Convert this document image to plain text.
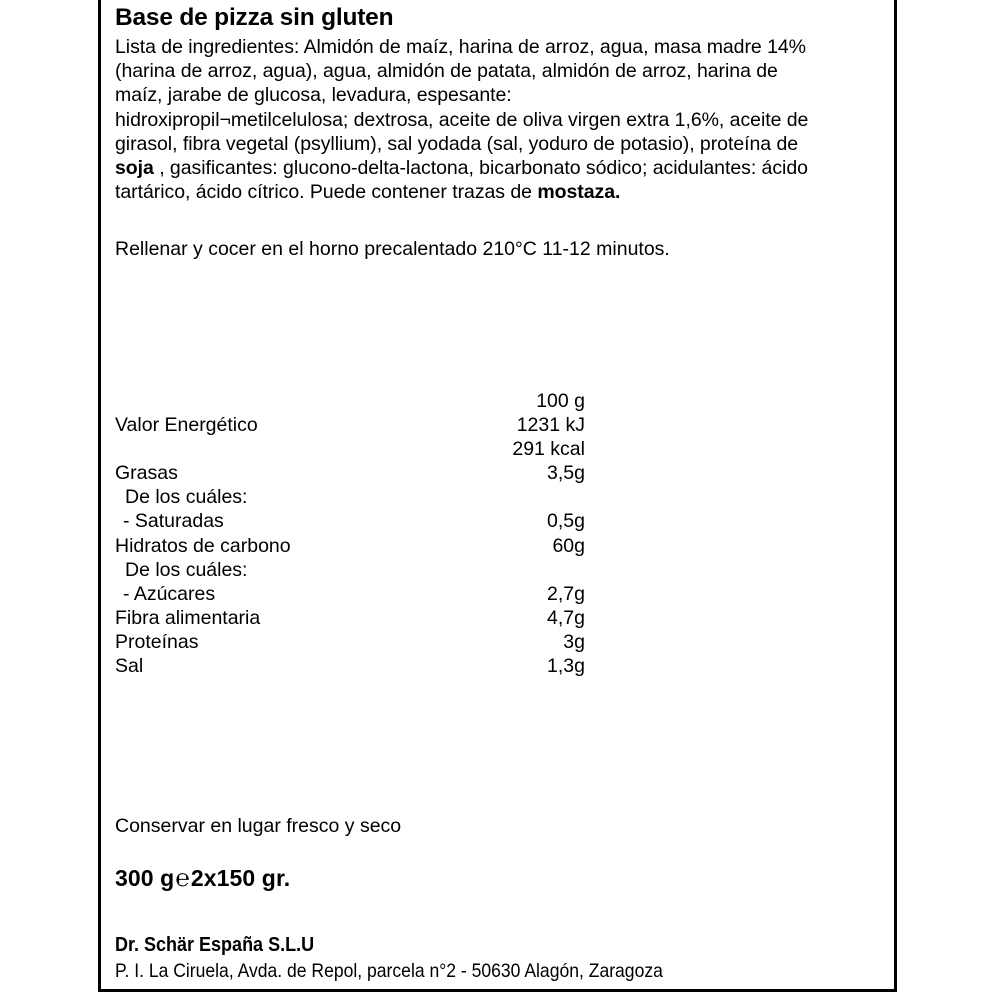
Base de pizza sin gluten
Lista de ingredientes: Almidón de maíz, harina de arroz, agua, masa madre 14%
(harina de arroz, agua), agua, almidón de patata, almidón de arroz, harina de
maíz, jarabe de glucosa, levadura, espesante:
hidroxipropil¬metilcelulosa; dextrosa, aceite de oliva virgen extra 1,6%, aceite de
girasol, fibra vegetal (psyllium), sal yodada (sal, yoduro de potasio), proteína de
soja , gasificantes: glucono-delta-lactona, bicarbonato sódico; acidulantes: ácido
tartárico, ácido cítrico. Puede contener trazas de mostaza.
Rellenar y cocer en el horno precalentado 210°C 11-12 minutos.
100 g
Valor Energético	1231 kJ
291 kcal
Grasas	3,5g
De los cuáles:
- Saturadas	0,5g
Hidratos de carbono	60g
De los cuáles:
- Azúcares	2,7g
Fibra alimentaria	4,7g
Proteínas	3g
Sal	1,3g
Conservar en lugar fresco y seco
300 g℮2x150 gr.
Dr. Schär España S.L.U
P. I. La Ciruela, Avda. de Repol, parcela n°2 - 50630 Alagón, Zaragoza
